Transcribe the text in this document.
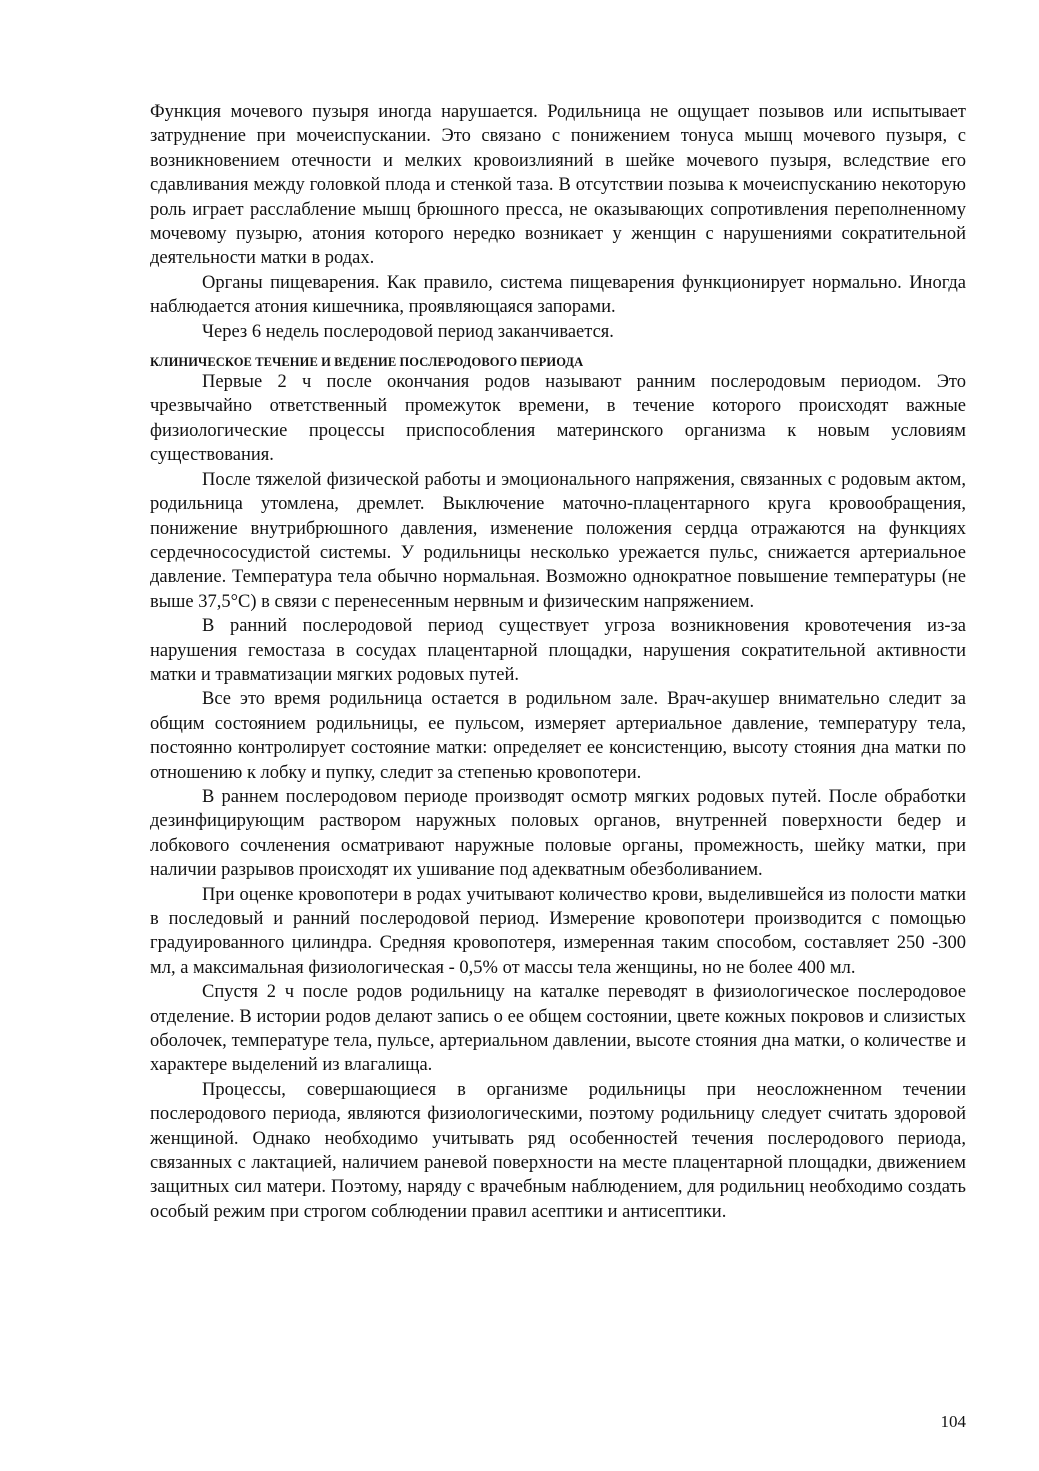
Функция мочевого пузыря иногда нарушается. Родильница не ощущает позывов или испытывает затруднение при мочеиспускании. Это связано с понижением тонуса мышц мочевого пузыря, с возникновением отечности и мелких кровоизлияний в шейке мочевого пузыря, вследствие его сдавливания между головкой плода и стенкой таза. В отсутствии позыва к мочеиспусканию некоторую роль играет расслабление мышц брюшного пресса, не оказывающих сопротивления переполненному мочевому пузырю, атония которого нередко возникает у женщин с нарушениями сократительной деятельности матки в родах.

Органы пищеварения. Как правило, система пищеварения функционирует нормально. Иногда наблюдается атония кишечника, проявляющаяся запорами.

Через 6 недель послеродовой период заканчивается.

КЛИНИЧЕСКОЕ ТЕЧЕНИЕ И ВЕДЕНИЕ ПОСЛЕРОДОВОГО ПЕРИОДА

Первые 2 ч после окончания родов называют ранним послеродовым периодом. Это чрезвычайно ответственный промежуток времени, в течение которого происходят важные физиологические процессы приспособления материнского организма к новым условиям существования.

После тяжелой физической работы и эмоционального напряжения, связанных с родовым актом, родильница утомлена, дремлет. Выключение маточно-плацентарного круга кровообращения, понижение внутрибрюшного давления, изменение положения сердца отражаются на функциях сердечнососудистой системы. У родильницы несколько урежается пульс, снижается артериальное давление. Температура тела обычно нормальная. Возможно однократное повышение температуры (не выше 37,5°С) в связи с перенесенным нервным и физическим напряжением.

В ранний послеродовой период существует угроза возникновения кровотечения из-за нарушения гемостаза в сосудах плацентарной площадки, нарушения сократительной активности матки и травматизации мягких родовых путей.

Все это время родильница остается в родильном зале. Врач-акушер внимательно следит за общим состоянием родильницы, ее пульсом, измеряет артериальное давление, температуру тела, постоянно контролирует состояние матки: определяет ее консистенцию, высоту стояния дна матки по отношению к лобку и пупку, следит за степенью кровопотери.

В раннем послеродовом периоде производят осмотр мягких родовых путей. После обработки дезинфицирующим раствором наружных половых органов, внутренней поверхности бедер и лобкового сочленения осматривают наружные половые органы, промежность, шейку матки, при наличии разрывов происходят их ушивание под адекватным обезболиванием.

При оценке кровопотери в родах учитывают количество крови, выделившейся из полости матки в последовый и ранний послеродовой период. Измерение кровопотери производится с помощью градуированного цилиндра. Средняя кровопотеря, измеренная таким способом, составляет 250 -300 мл, а максимальная физиологическая - 0,5% от массы тела женщины, но не более 400 мл.

Спустя 2 ч после родов родильницу на каталке переводят в физиологическое послеродовое отделение. В истории родов делают запись о ее общем состоянии, цвете кожных покровов и слизистых оболочек, температуре тела, пульсе, артериальном давлении, высоте стояния дна матки, о количестве и характере выделений из влагалища.

Процессы, совершающиеся в организме родильницы при неосложненном течении послеродового периода, являются физиологическими, поэтому родильницу следует считать здоровой женщиной. Однако необходимо учитывать ряд особенностей течения послеродового периода, связанных с лактацией, наличием раневой поверхности на месте плацентарной площадки, движением защитных сил матери. Поэтому, наряду с врачебным наблюдением, для родильниц необходимо создать особый режим при строгом соблюдении правил асептики и антисептики.

104
